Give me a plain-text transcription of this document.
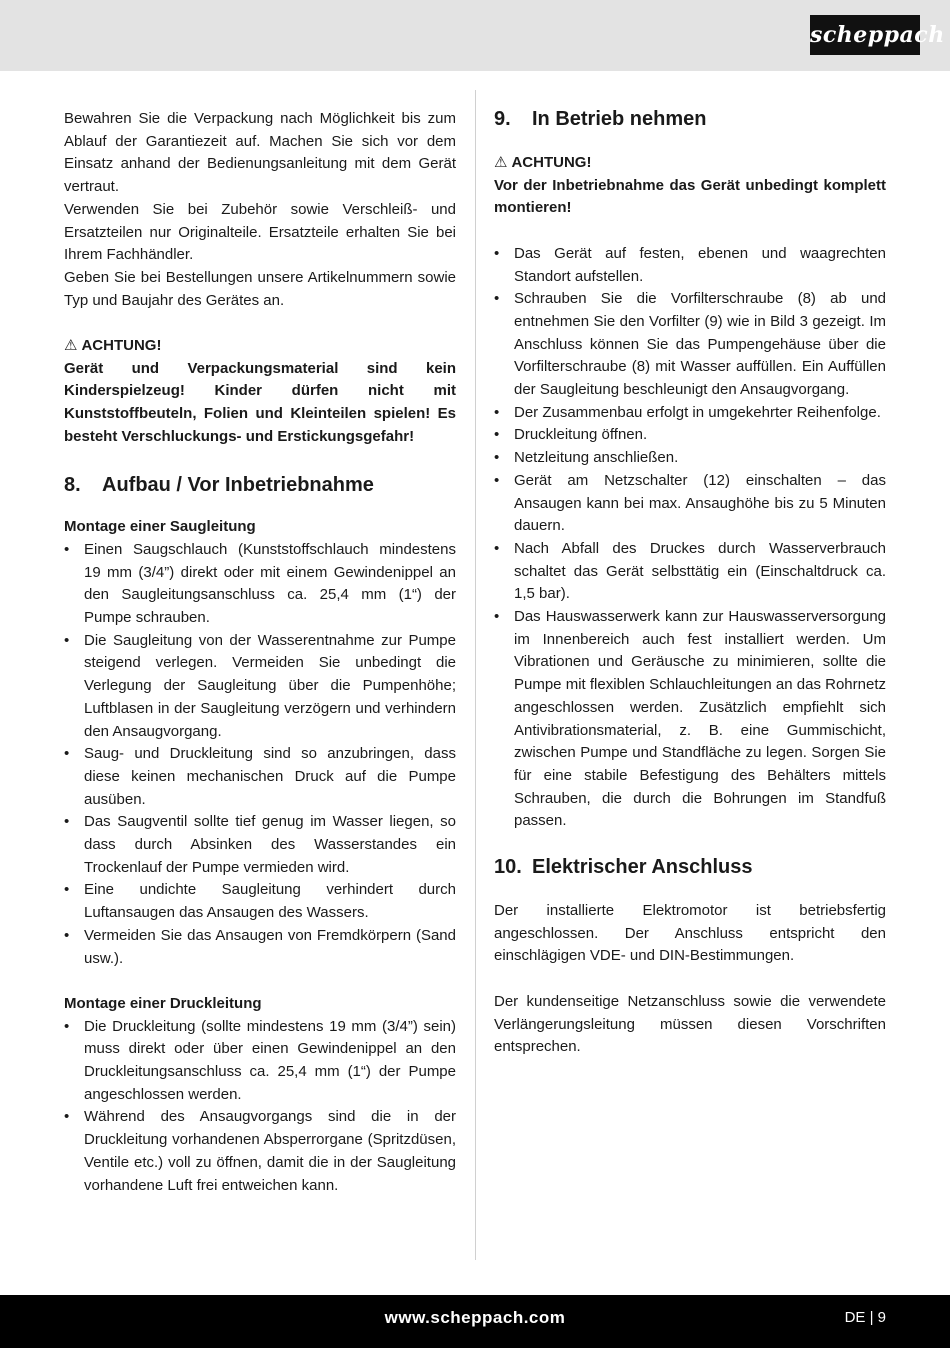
scheppach

Bewahren Sie die Verpackung nach Möglichkeit bis zum Ablauf der Garantiezeit auf. Machen Sie sich vor dem Einsatz anhand der Bedienungsanleitung mit dem Gerät vertraut.

Verwenden Sie bei Zubehör sowie Verschleiß- und Ersatzteilen nur Originalteile. Ersatzteile erhalten Sie bei Ihrem Fachhändler.

Geben Sie bei Bestellungen unsere Artikelnummern sowie Typ und Baujahr des Gerätes an.

⚠ ACHTUNG!

Gerät und Verpackungsmaterial sind kein Kinderspielzeug! Kinder dürfen nicht mit Kunststoffbeuteln, Folien und Kleinteilen spielen! Es besteht Verschluckungs- und Erstickungsgefahr!

8. Aufbau / Vor Inbetriebnahme
Montage einer Saugleitung
• Einen Saugschlauch (Kunststoffschlauch mindestens 19 mm (3/4”) direkt oder mit einem Gewindenippel an den Saugleitungsanschluss ca. 25,4 mm (1“) der Pumpe schrauben.
• Die Saugleitung von der Wasserentnahme zur Pumpe steigend verlegen. Vermeiden Sie unbedingt die Verlegung der Saugleitung über die Pumpenhöhe; Luftblasen in der Saugleitung verzögern und verhindern den Ansaugvorgang.
• Saug- und Druckleitung sind so anzubringen, dass diese keinen mechanischen Druck auf die Pumpe ausüben.
• Das Saugventil sollte tief genug im Wasser liegen, so dass durch Absinken des Wasserstandes ein Trockenlauf der Pumpe vermieden wird.
• Eine undichte Saugleitung verhindert durch Luftansaugen das Ansaugen des Wassers.
• Vermeiden Sie das Ansaugen von Fremdkörpern (Sand usw.).
Montage einer Druckleitung
• Die Druckleitung (sollte mindestens 19 mm (3/4”) sein) muss direkt oder über einen Gewindenippel an den Druckleitungsanschluss ca. 25,4 mm (1“) der Pumpe angeschlossen werden.
• Während des Ansaugvorgangs sind die in der Druckleitung vorhandenen Absperrorgane (Spritzdüsen, Ventile etc.) voll zu öffnen, damit die in der Saugleitung vorhandene Luft frei entweichen kann.
9. In Betrieb nehmen
⚠ ACHTUNG!

Vor der Inbetriebnahme das Gerät unbedingt komplett montieren!

• Das Gerät auf festen, ebenen und waagrechten Standort aufstellen.
• Schrauben Sie die Vorfilterschraube (8) ab und entnehmen Sie den Vorfilter (9) wie in Bild 3 gezeigt. Im Anschluss können Sie das Pumpengehäuse über die Vorfilterschraube (8) mit Wasser auffüllen. Ein Auffüllen der Saugleitung beschleunigt den Ansaugvorgang.
• Der Zusammenbau erfolgt in umgekehrter Reihenfolge.
• Druckleitung öffnen.
• Netzleitung anschließen.
• Gerät am Netzschalter (12) einschalten – das Ansaugen kann bei max. Ansaughöhe bis zu 5 Minuten dauern.
• Nach Abfall des Druckes durch Wasserverbrauch schaltet das Gerät selbsttätig ein (Einschaltdruck ca. 1,5 bar).
• Das Hauswasserwerk kann zur Hauswasserversorgung im Innenbereich auch fest installiert werden. Um Vibrationen und Geräusche zu minimieren, sollte die Pumpe mit flexiblen Schlauchleitungen an das Rohrnetz angeschlossen werden. Zusätzlich empfiehlt sich Antivibrationsmaterial, z. B. eine Gummischicht, zwischen Pumpe und Standfläche zu legen. Sorgen Sie für eine stabile Befestigung des Behälters mittels Schrauben, die durch die Bohrungen im Standfuß passen.
10. Elektrischer Anschluss

Der installierte Elektromotor ist betriebsfertig angeschlossen. Der Anschluss entspricht den einschlägigen VDE- und DIN-Bestimmungen.

Der kundenseitige Netzanschluss sowie die verwendete Verlängerungsleitung müssen diesen Vorschriften entsprechen.

www.scheppach.com	DE | 9
